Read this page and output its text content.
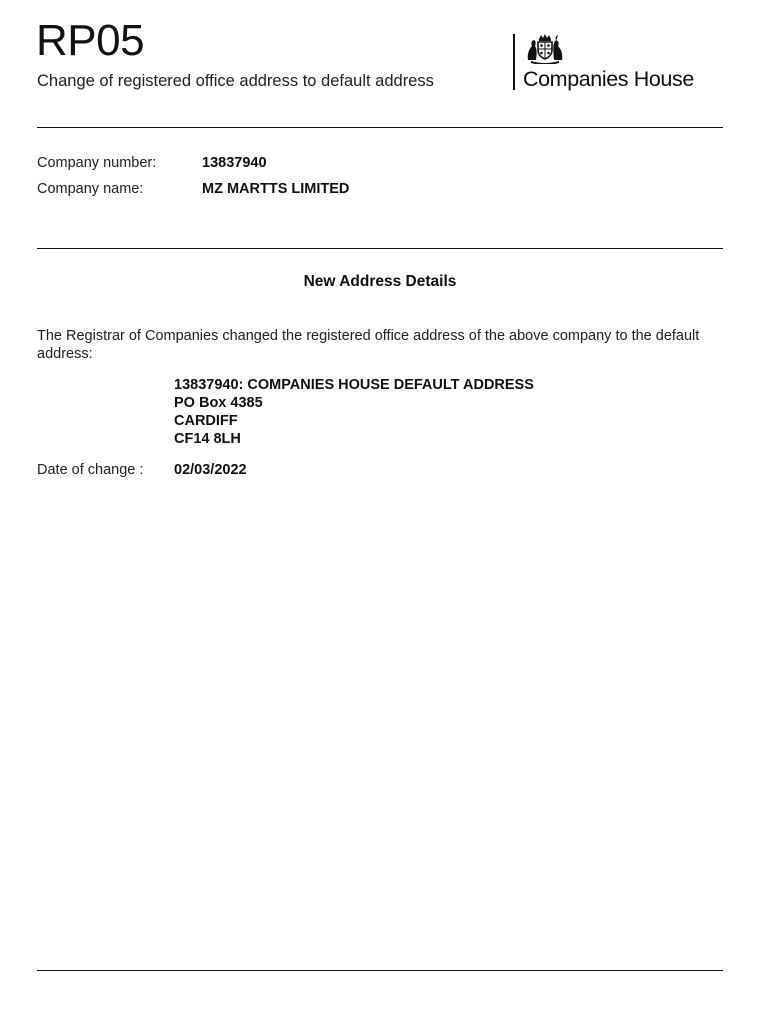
RP05
Change of registered office address to default address	Companies House
Company number:	13837940
Company name:	MZ MARTTS LIMITED
New Address Details
The Registrar of Companies changed the registered office address of the above company to the default address:
13837940: COMPANIES HOUSE DEFAULT ADDRESS
PO Box 4385
CARDIFF
CF14 8LH
Date of change : 02/03/2022
